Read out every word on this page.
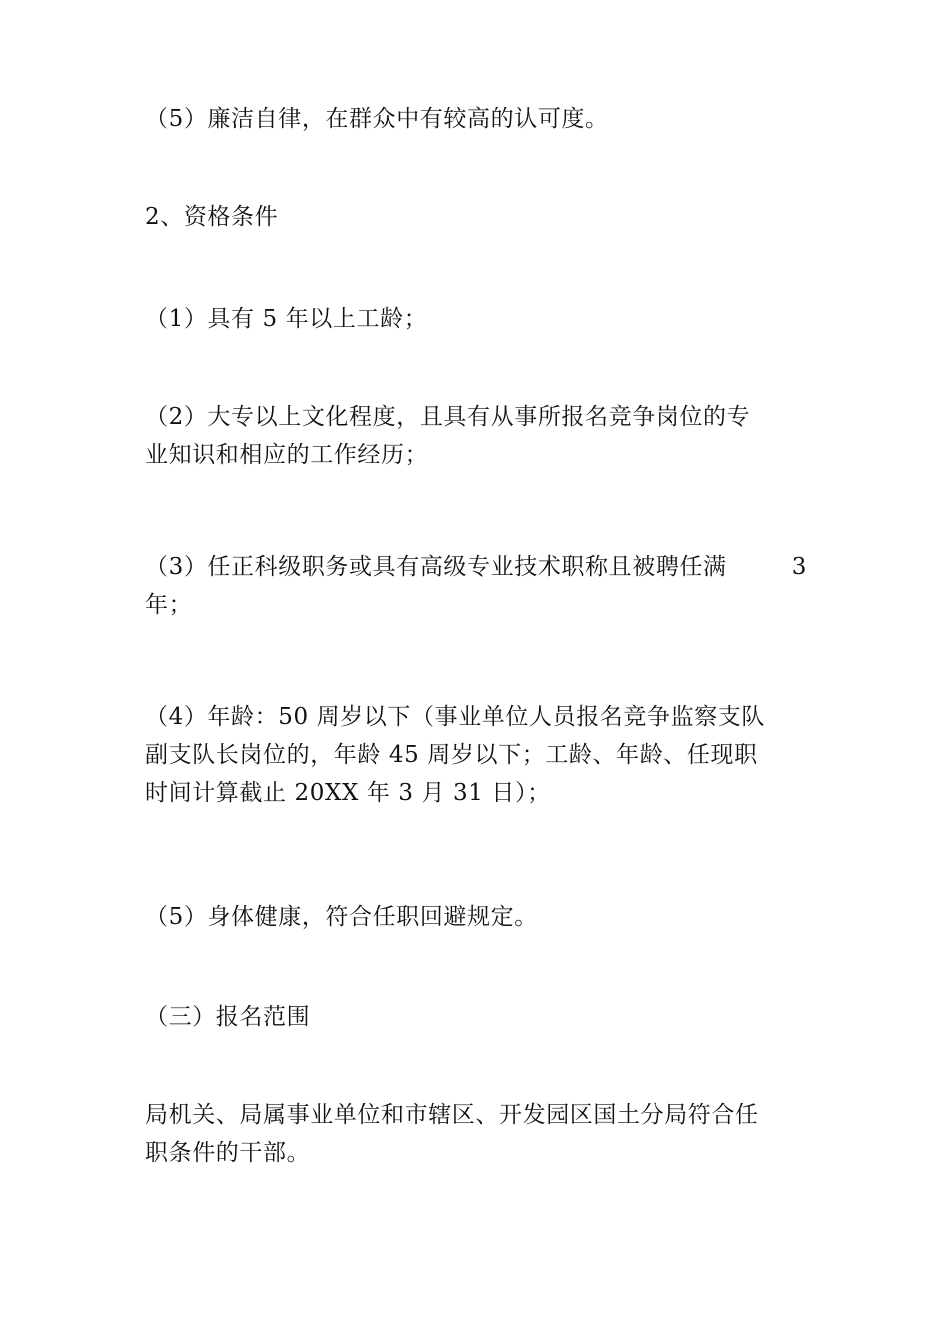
（5）廉洁自律，在群众中有较高的认可度。

2、资格条件

（1）具有 5 年以上工龄；

（2）大专以上文化程度，且具有从事所报名竞争岗位的专
业知识和相应的工作经历；

（3）任正科级职务或具有高级专业技术职称且被聘任满	3
年；

（4）年龄：50 周岁以下（事业单位人员报名竞争监察支队
副支队长岗位的，年龄 45 周岁以下；工龄、年龄、任现职
时间计算截止 20XX 年 3 月 31 日）；

（5）身体健康，符合任职回避规定。

（三）报名范围

局机关、局属事业单位和市辖区、开发园区国土分局符合任
职条件的干部。
